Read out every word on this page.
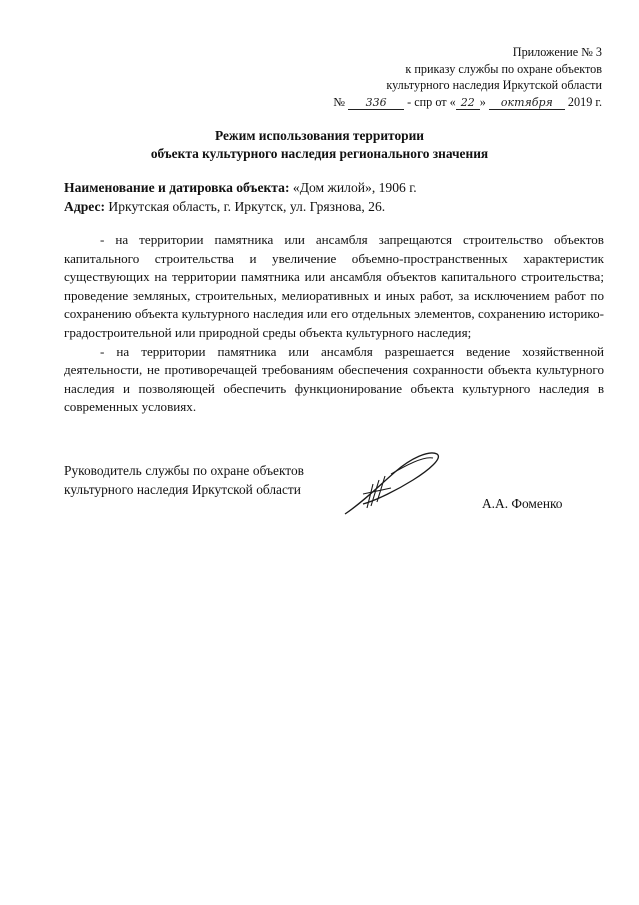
Приложение № 3
к приказу службы по охране объектов
культурного наследия Иркутской области
№ 336 - спр от « 22 » октября 2019 г.
Режим использования территории
объекта культурного наследия регионального значения
Наименование и датировка объекта: «Дом жилой», 1906 г.
Адрес: Иркутская область, г. Иркутск, ул. Грязнова, 26.

- на территории памятника или ансамбля запрещаются строительство объектов капитального строительства и увеличение объемно-пространственных характеристик существующих на территории памятника или ансамбля объектов капитального строительства; проведение земляных, строительных, мелиоративных и иных работ, за исключением работ по сохранению объекта культурного наследия или его отдельных элементов, сохранению историко-градостроительной или природной среды объекта культурного наследия;

- на территории памятника или ансамбля разрешается ведение хозяйственной деятельности, не противоречащей требованиям обеспечения сохранности объекта культурного наследия и позволяющей обеспечить функционирование объекта культурного наследия в современных условиях.

Руководитель службы по охране объектов культурного наследия Иркутской области
А.А. Фоменко
